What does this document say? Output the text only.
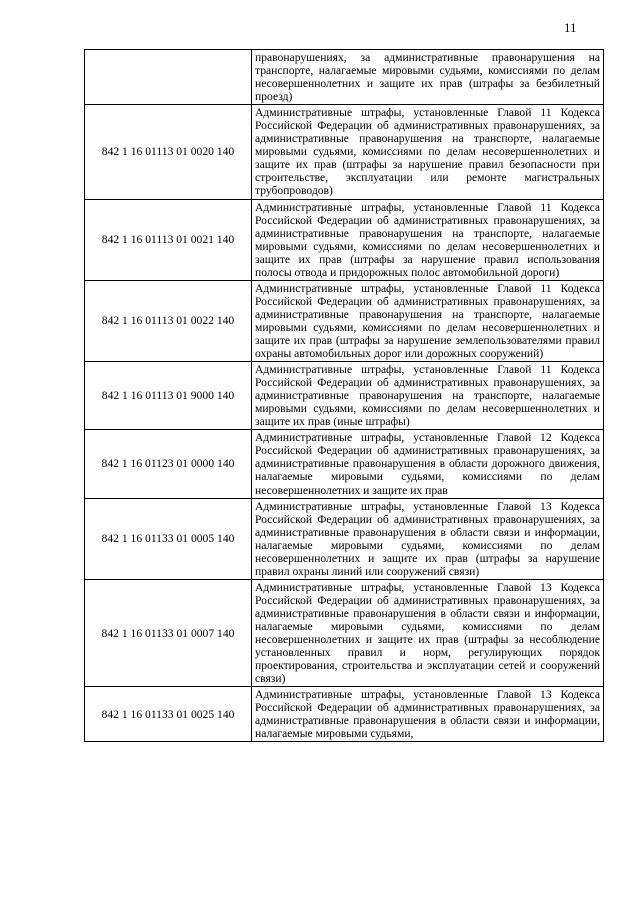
11
	правонарушениях, за административные правонарушения на транспорте, налагаемые мировыми судьями, комиссиями по делам несовершеннолетних и защите их прав (штрафы за безбилетный проезд)
842 1 16 01113 01 0020 140	Административные штрафы, установленные Главой 11 Кодекса Российской Федерации об административных правонарушениях, за административные правонарушения на транспорте, налагаемые мировыми судьями, комиссиями по делам несовершеннолетних и защите их прав (штрафы за нарушение правил безопасности при строительстве, эксплуатации или ремонте магистральных трубопроводов)
842 1 16 01113 01 0021 140	Административные штрафы, установленные Главой 11 Кодекса Российской Федерации об административных правонарушениях, за административные правонарушения на транспорте, налагаемые мировыми судьями, комиссиями по делам несовершеннолетних и защите их прав (штрафы за нарушение правил использования полосы отвода и придорожных полос автомобильной дороги)
842 1 16 01113 01 0022 140	Административные штрафы, установленные Главой 11 Кодекса Российской Федерации об административных правонарушениях, за административные правонарушения на транспорте, налагаемые мировыми судьями, комиссиями по делам несовершеннолетних и защите их прав (штрафы за нарушение землепользователями правил охраны автомобильных дорог или дорожных сооружений)
842 1 16 01113 01 9000 140	Административные штрафы, установленные Главой 11 Кодекса Российской Федерации об административных правонарушениях, за административные правонарушения на транспорте, налагаемые мировыми судьями, комиссиями по делам несовершеннолетних и защите их прав (иные штрафы)
842 1 16 01123 01 0000 140	Административные штрафы, установленные Главой 12 Кодекса Российской Федерации об административных правонарушениях, за административные правонарушения в области дорожного движения, налагаемые мировыми судьями, комиссиями по делам несовершеннолетних и защите их прав
842 1 16 01133 01 0005 140	Административные штрафы, установленные Главой 13 Кодекса Российской Федерации об административных правонарушениях, за административные правонарушения в области связи и информации, налагаемые мировыми судьями, комиссиями по делам несовершеннолетних и защите их прав (штрафы за нарушение правил охраны линий или сооружений связи)
842 1 16 01133 01 0007 140	Административные штрафы, установленные Главой 13 Кодекса Российской Федерации об административных правонарушениях, за административные правонарушения в области связи и информации, налагаемые мировыми судьями, комиссиями по делам несовершеннолетних и защите их прав (штрафы за несоблюдение установленных правил и норм, регулирующих порядок проектирования, строительства и эксплуатации сетей и сооружений связи)
842 1 16 01133 01 0025 140	Административные штрафы, установленные Главой 13 Кодекса Российской Федерации об административных правонарушениях, за административные правонарушения в области связи и информации, налагаемые мировыми судьями,
